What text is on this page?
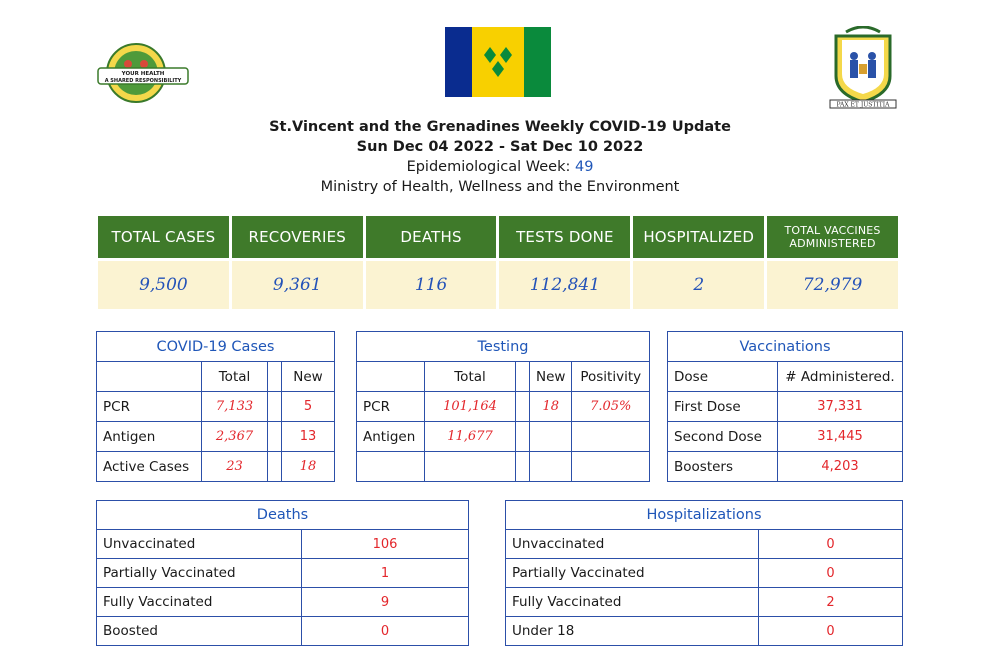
YOUR HEALTH
A SHARED RESPONSIBILITY
PAX ET JUSTITIA
St.Vincent and the Grenadines Weekly COVID-19 Update
Sun Dec 04 2022 - Sat Dec 10 2022
Epidemiological Week: 49
Ministry of Health, Wellness and the Environment
TOTAL CASES
9,500
RECOVERIES
9,361
DEATHS
116
TESTS DONE
112,841
HOSPITALIZED
2
TOTAL VACCINES ADMINISTERED
72,979
COVID-19 Cases			
	Total		New
PCR	7,133		5
Antigen	2,367		13
Active Cases	23		18
Testing				
	Total		New	Positivity
PCR	101,164		18	7.05%
Antigen	11,677			

Vaccinations	
Dose	# Administered.
First Dose	37,331
Second Dose	31,445
Boosters	4,203
Deaths	
Unvaccinated	106
Partially Vaccinated	1
Fully Vaccinated	9
Boosted	0
Hospitalizations	
Unvaccinated	0
Partially Vaccinated	0
Fully Vaccinated	2
Under 18	0
